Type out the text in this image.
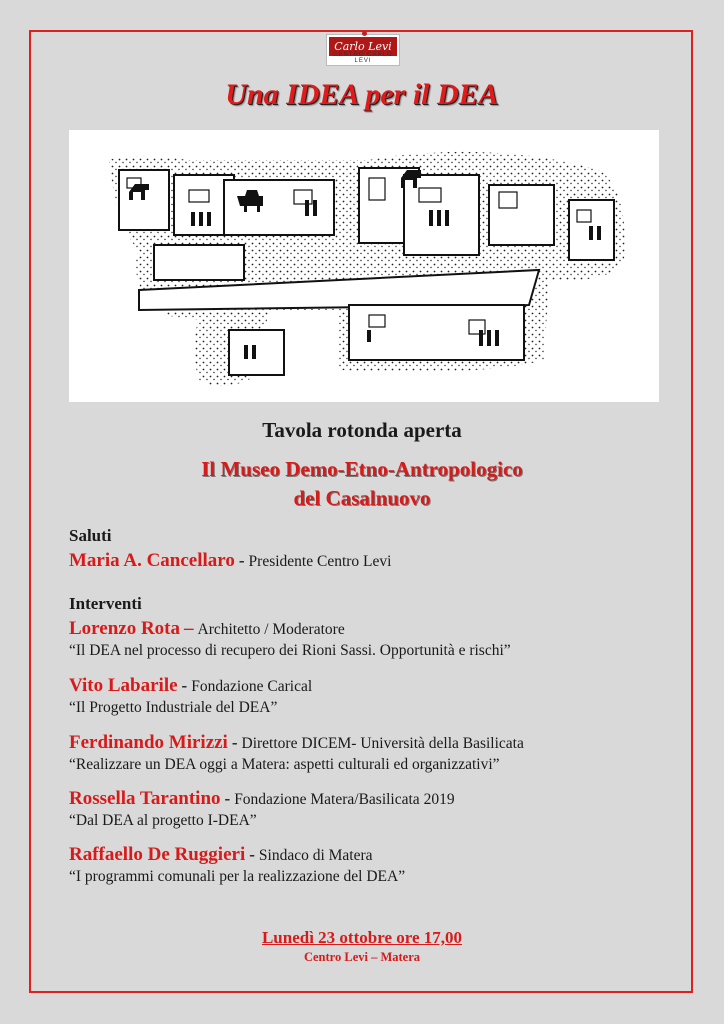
Carlo Levi
CENTRO CARLO LEVI
Una IDEA per il DEA
Tavola rotonda aperta
Il Museo Demo-Etno-Antropologico
del Casalnuovo
Saluti
Maria A. Cancellaro - Presidente Centro Levi
Interventi
Lorenzo Rota – Architetto / Moderatore
“Il DEA nel processo di recupero dei Rioni Sassi. Opportunità e rischi”
Vito Labarile - Fondazione Carical
“Il Progetto Industriale del DEA”
Ferdinando Mirizzi - Direttore DICEM- Università della Basilicata
“Realizzare un DEA oggi a Matera: aspetti culturali ed organizzativi”
Rossella Tarantino - Fondazione Matera/Basilicata 2019
“Dal DEA al progetto I-DEA”
Raffaello De Ruggieri - Sindaco di Matera
“I programmi comunali per la realizzazione del DEA”
Lunedì 23 ottobre ore 17,00
Centro Levi – Matera
